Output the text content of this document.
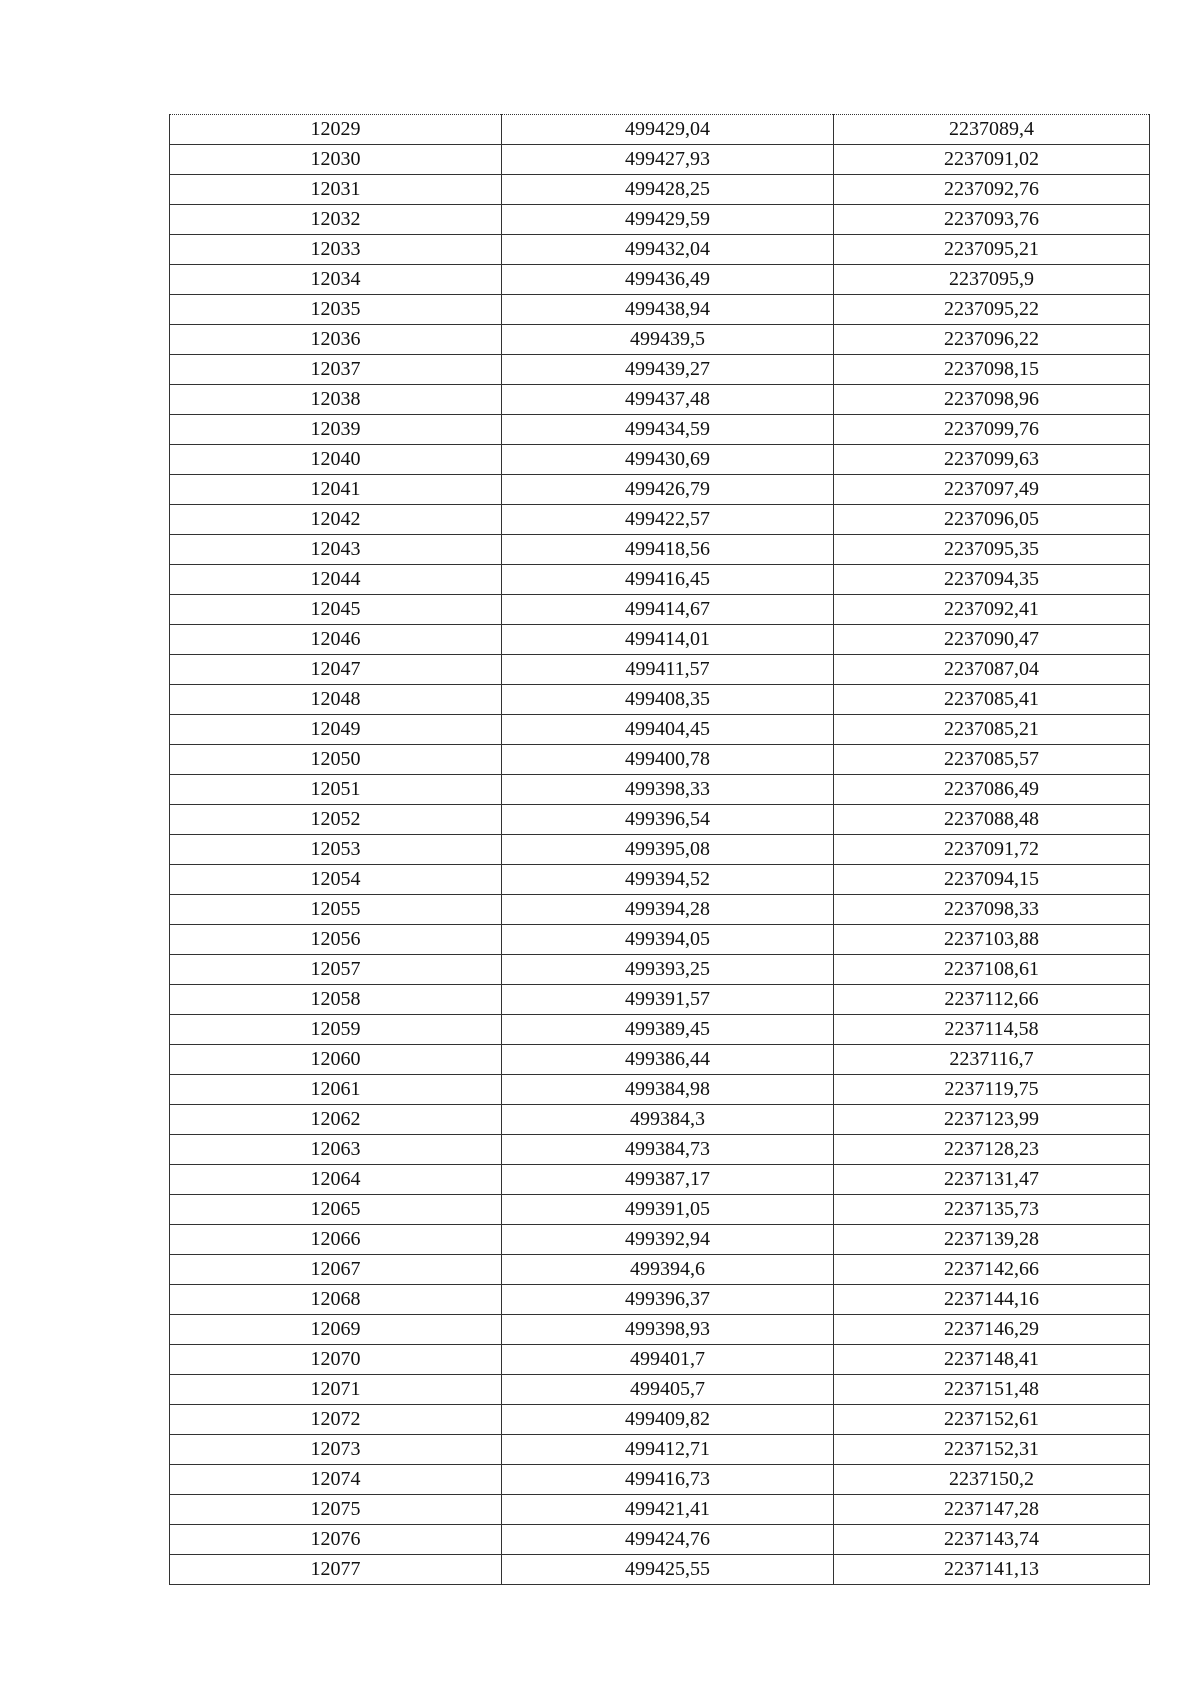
12029	499429,04	2237089,4
12030	499427,93	2237091,02
12031	499428,25	2237092,76
12032	499429,59	2237093,76
12033	499432,04	2237095,21
12034	499436,49	2237095,9
12035	499438,94	2237095,22
12036	499439,5	2237096,22
12037	499439,27	2237098,15
12038	499437,48	2237098,96
12039	499434,59	2237099,76
12040	499430,69	2237099,63
12041	499426,79	2237097,49
12042	499422,57	2237096,05
12043	499418,56	2237095,35
12044	499416,45	2237094,35
12045	499414,67	2237092,41
12046	499414,01	2237090,47
12047	499411,57	2237087,04
12048	499408,35	2237085,41
12049	499404,45	2237085,21
12050	499400,78	2237085,57
12051	499398,33	2237086,49
12052	499396,54	2237088,48
12053	499395,08	2237091,72
12054	499394,52	2237094,15
12055	499394,28	2237098,33
12056	499394,05	2237103,88
12057	499393,25	2237108,61
12058	499391,57	2237112,66
12059	499389,45	2237114,58
12060	499386,44	2237116,7
12061	499384,98	2237119,75
12062	499384,3	2237123,99
12063	499384,73	2237128,23
12064	499387,17	2237131,47
12065	499391,05	2237135,73
12066	499392,94	2237139,28
12067	499394,6	2237142,66
12068	499396,37	2237144,16
12069	499398,93	2237146,29
12070	499401,7	2237148,41
12071	499405,7	2237151,48
12072	499409,82	2237152,61
12073	499412,71	2237152,31
12074	499416,73	2237150,2
12075	499421,41	2237147,28
12076	499424,76	2237143,74
12077	499425,55	2237141,13
